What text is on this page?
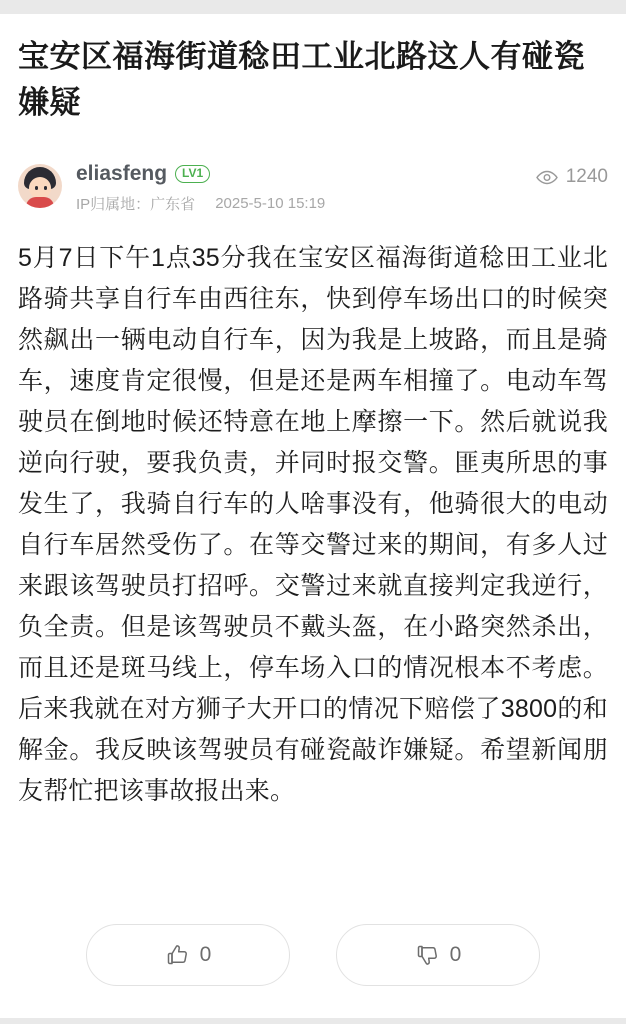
宝安区福海街道稔田工业北路这人有碰瓷嫌疑
eliasfeng	LV1
IP归属地：广东省 2025-5-10 15:19
1240
5月7日下午1点35分我在宝安区福海街道稔田工业北路骑共享自行车由西往东，快到停车场出口的时候突然飙出一辆电动自行车，因为我是上坡路，而且是骑车，速度肯定很慢，但是还是两车相撞了。电动车驾驶员在倒地时候还特意在地上摩擦一下。然后就说我逆向行驶，要我负责，并同时报交警。匪夷所思的事发生了，我骑自行车的人啥事没有，他骑很大的电动自行车居然受伤了。在等交警过来的期间，有多人过来跟该驾驶员打招呼。交警过来就直接判定我逆行，负全责。但是该驾驶员不戴头盔，在小路突然杀出，而且还是斑马线上，停车场入口的情况根本不考虑。后来我就在对方狮子大开口的情况下赔偿了3800的和解金。我反映该驾驶员有碰瓷敲诈嫌疑。希望新闻朋友帮忙把该事故报出来。
0	0
